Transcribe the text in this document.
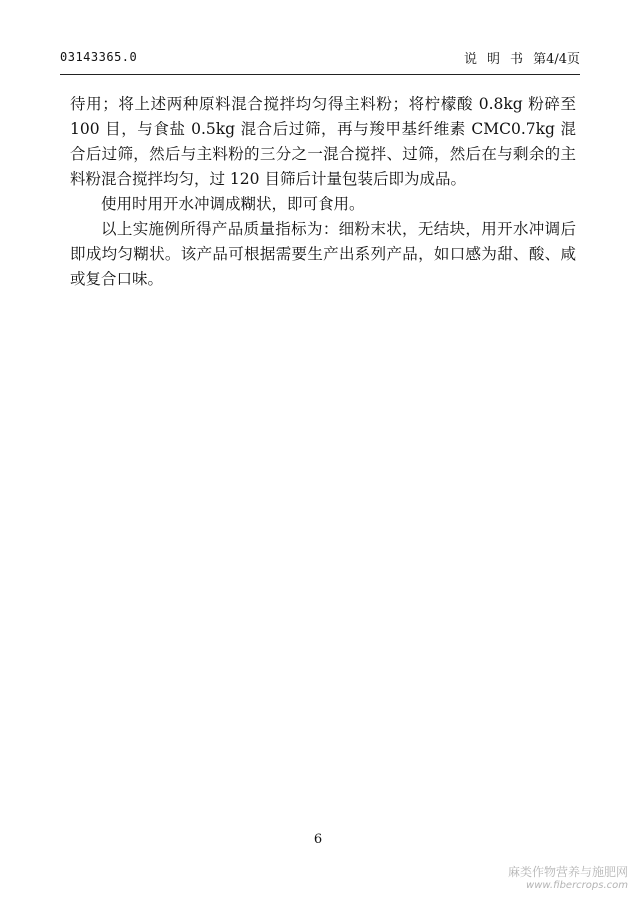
03143365.0	说 明 书 第4/4页

待用；将上述两种原料混合搅拌均匀得主料粉；将柠檬酸 0.8kg 粉碎至 100 目，与食盐 0.5kg 混合后过筛，再与羧甲基纤维素 CMC0.7kg 混合后过筛，然后与主料粉的三分之一混合搅拌、过筛，然后在与剩余的主料粉混合搅拌均匀，过 120 目筛后计量包装后即为成品。

使用时用开水冲调成糊状，即可食用。

以上实施例所得产品质量指标为：细粉末状，无结块，用开水冲调后即成均匀糊状。该产品可根据需要生产出系列产品，如口感为甜、酸、咸或复合口味。

6
麻类作物营养与施肥网
www.fibercrops.com
